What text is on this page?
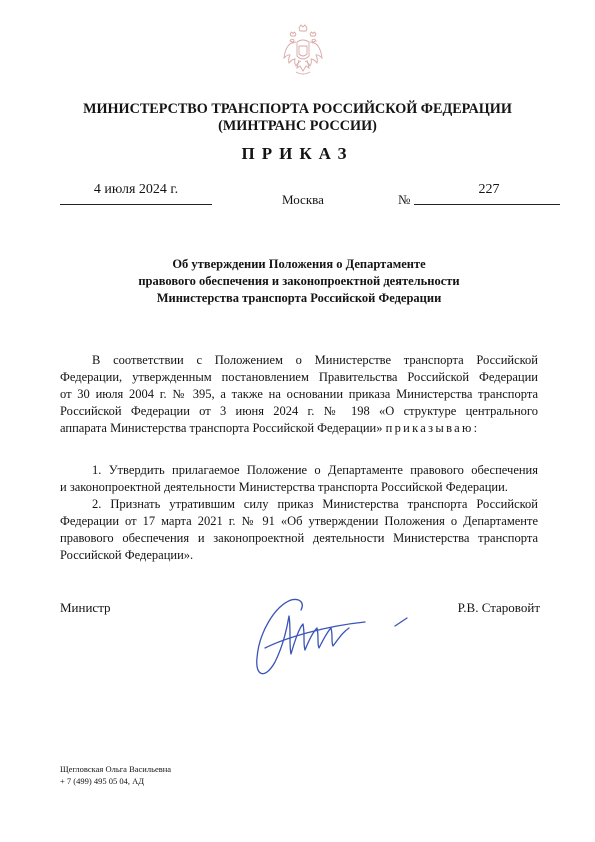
МИНИСТЕРСТВО ТРАНСПОРТА РОССИЙСКОЙ ФЕДЕРАЦИИ
(МИНТРАНС РОССИИ)
ПРИКАЗ
4 июля 2024 г.
Москва	№
227
Об утверждении Положения о Департаменте
правового обеспечения и законопроектной деятельности
Министерства транспорта Российской Федерации
В соответствии с Положением о Министерстве транспорта Российской
Федерации, утвержденным постановлением Правительства Российской Федерации
от 30 июля 2004 г. № 395, а также на основании приказа Министерства транспорта
Российской Федерации от 3 июня 2024 г. № 198 «О структуре центрального
аппарата Министерства транспорта Российской Федерации» приказываю:
1. Утвердить прилагаемое Положение о Департаменте правового обеспечения
и законопроектной деятельности Министерства транспорта Российской Федерации.
2. Признать утратившим силу приказ Министерства транспорта Российской
Федерации от 17 марта 2021 г. № 91 «Об утверждении Положения о Департаменте
правового обеспечения и законопроектной деятельности Министерства транспорта
Российской Федерации».
Министр	Р.В. Старовойт
Щегловская Ольга Васильевна
+ 7 (499) 495 05 04, АД
